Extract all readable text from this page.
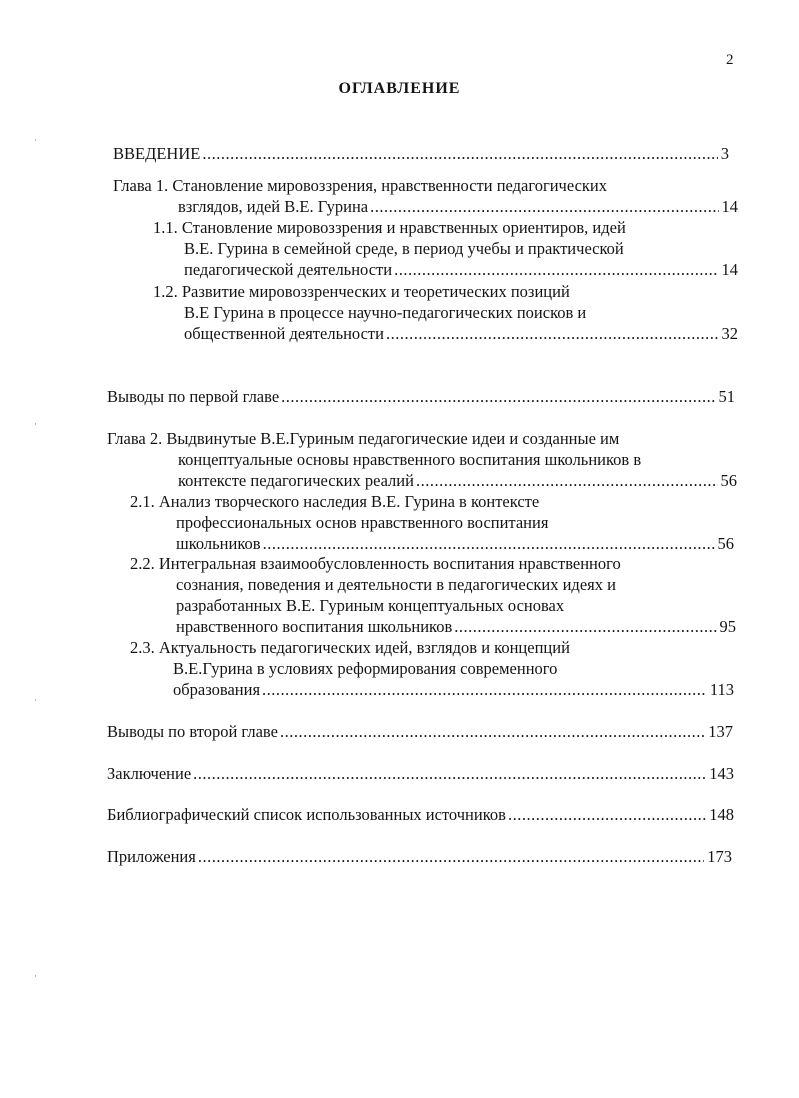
2
ОГЛАВЛЕНИЕ
·
·
·
·
ВВЕДЕНИЕ .....	3
Глава 1. Становление мировоззрения, нравственности педагогических
взглядов, идей В.Е. Гурина .....	14
1.1. Становление мировоззрения и нравственных ориентиров, идей
В.Е. Гурина в семейной среде, в период учебы и практической
педагогической деятельности .....	14
1.2. Развитие мировоззренческих и теоретических позиций
В.Е Гурина в процессе научно-педагогических поисков и
общественной деятельности .....	32
Выводы по первой главе .....	51
Глава 2. Выдвинутые В.Е.Гуриным педагогические идеи и созданные им
концептуальные основы нравственного воспитания школьников в
контексте педагогических реалий .....	56
2.1. Анализ творческого наследия В.Е. Гурина в контексте
профессиональных основ нравственного воспитания
школьников .....	56
2.2. Интегральная взаимообусловленность воспитания нравственного
сознания, поведения и деятельности в педагогических идеях и
разработанных В.Е. Гуриным концептуальных основах
нравственного воспитания школьников .....	95
2.3. Актуальность педагогических идей, взглядов и концепций
В.Е.Гурина в условиях реформирования современного
образования .....	113
Выводы по второй главе .....	137
Заключение .....	143
Библиографический список использованных источников .....	148
Приложения .....	173
